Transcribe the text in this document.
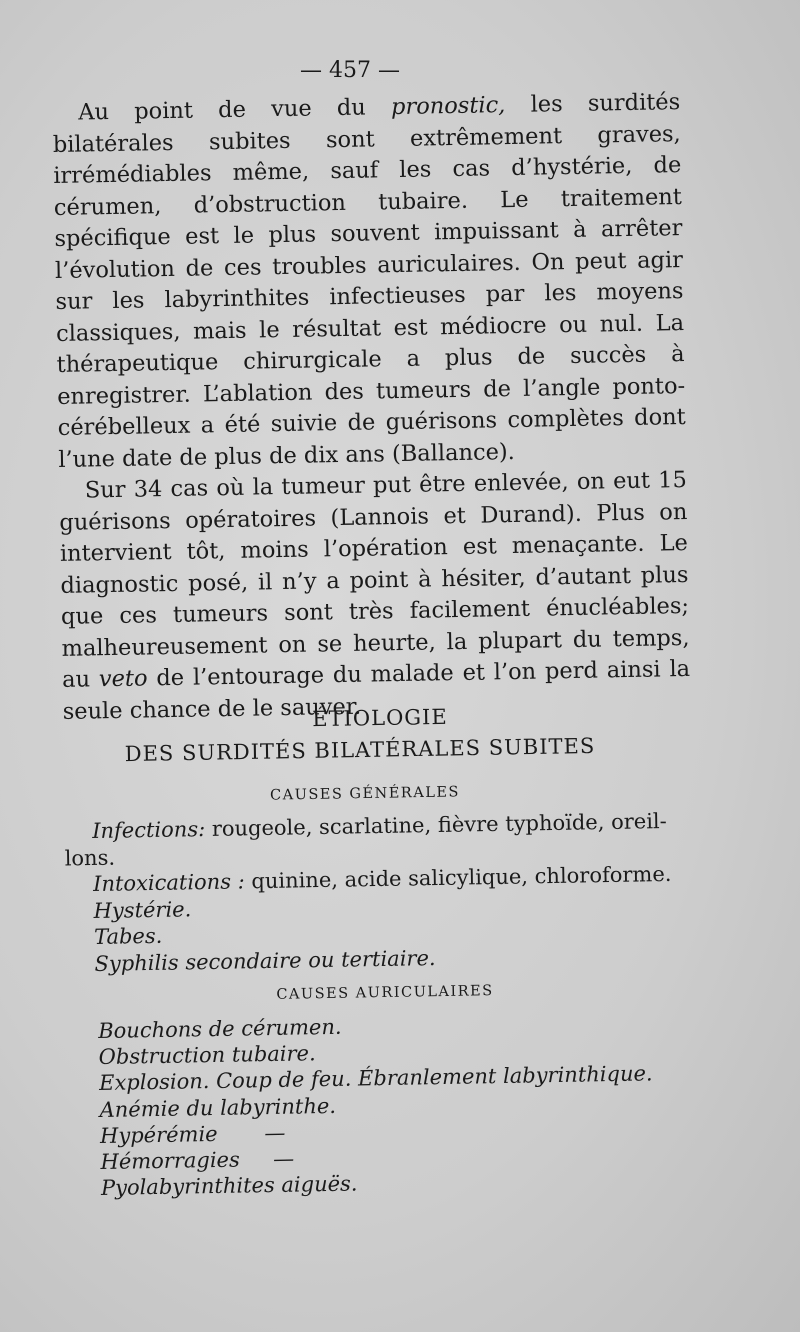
— 457 —

Au point de vue du pronostic, les surdités bilatérales subites sont extrêmement graves, irrémédiables même, sauf les cas d’hystérie, de cérumen, d’obstruction tubaire. Le traitement spécifique est le plus souvent impuissant à arrêter l’évolution de ces troubles auriculaires. On peut agir sur les labyrinthites infectieuses par les moyens classiques, mais le résultat est médiocre ou nul. La thérapeutique chirurgicale a plus de succès à enregistrer. L’ablation des tumeurs de l’angle ponto-cérébelleux a été suivie de guérisons complètes dont l’une date de plus de dix ans (Ballance).

Sur 34 cas où la tumeur put être enlevée, on eut 15 guérisons opératoires (Lannois et Durand). Plus on intervient tôt, moins l’opération est menaçante. Le diagnostic posé, il n’y a point à hésiter, d’autant plus que ces tumeurs sont très facilement énucléables; malheureusement on se heurte, la plupart du temps, au veto de l’entourage du malade et l’on perd ainsi la seule chance de le sauver.

ÉTIOLOGIE
DES SURDITÉS BILATÉRALES SUBITES
CAUSES GÉNÉRALES
Infections: rougeole, scarlatine, fièvre typhoïde, oreil-
lons.
Intoxications : quinine, acide salicylique, chloroforme.
Hystérie.
Tabes.
Syphilis secondaire ou tertiaire.
CAUSES AURICULAIRES
Bouchons de cérumen.
Obstruction tubaire.
Explosion. Coup de feu. Ébranlement labyrinthique.
Anémie du labyrinthe.
Hypérémie       —
Hémorragies     —
Pyolabyrinthites aiguës.
